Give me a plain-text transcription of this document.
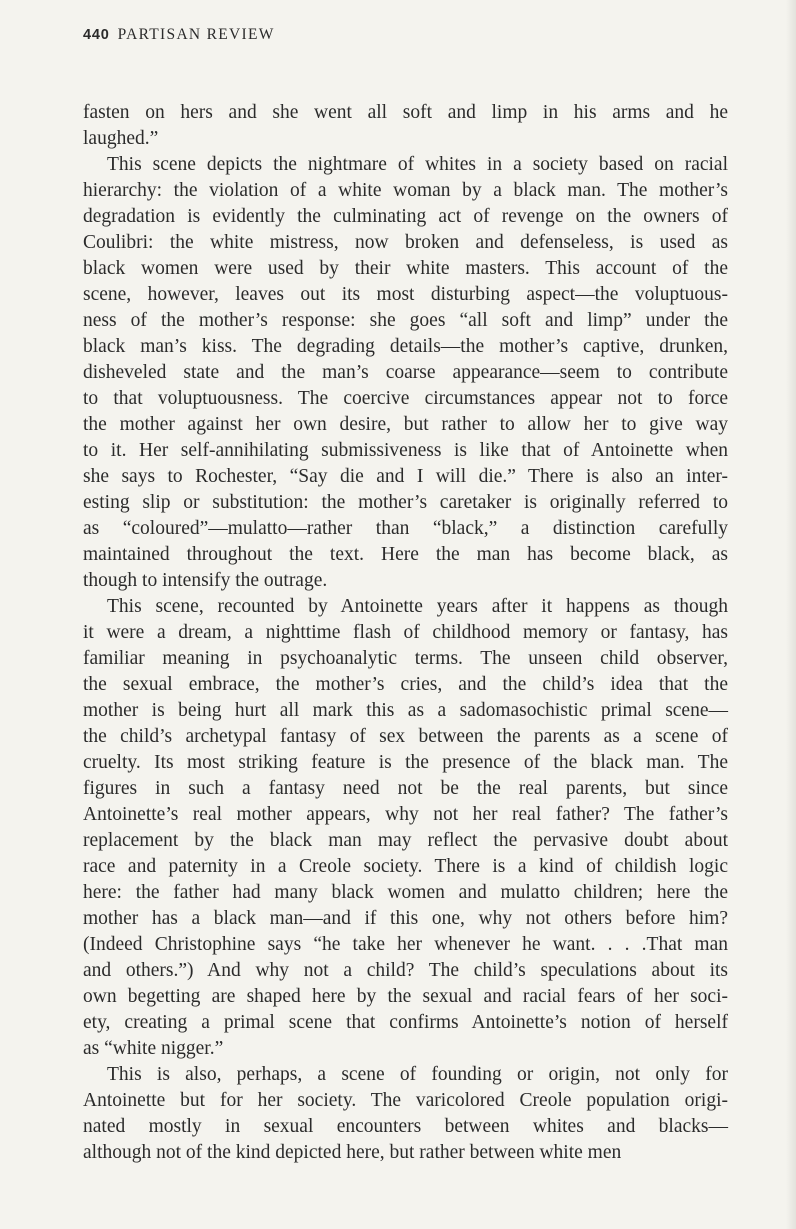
440 PARTISAN REVIEW
fasten on hers and she went all soft and limp in his arms and he
laughed.”
This scene depicts the nightmare of whites in a society based on racial
hierarchy: the violation of a white woman by a black man. The mother’s
degradation is evidently the culminating act of revenge on the owners of
Coulibri: the white mistress, now broken and defenseless, is used as
black women were used by their white masters. This account of the
scene, however, leaves out its most disturbing aspect—the voluptuous-
ness of the mother’s response: she goes “all soft and limp” under the
black man’s kiss. The degrading details—the mother’s captive, drunken,
disheveled state and the man’s coarse appearance—seem to contribute
to that voluptuousness. The coercive circumstances appear not to force
the mother against her own desire, but rather to allow her to give way
to it. Her self-annihilating submissiveness is like that of Antoinette when
she says to Rochester, “Say die and I will die.” There is also an inter-
esting slip or substitution: the mother’s caretaker is originally referred to
as “coloured”—mulatto—rather than “black,” a distinction carefully
maintained throughout the text. Here the man has become black, as
though to intensify the outrage.
This scene, recounted by Antoinette years after it happens as though
it were a dream, a nighttime flash of childhood memory or fantasy, has
familiar meaning in psychoanalytic terms. The unseen child observer,
the sexual embrace, the mother’s cries, and the child’s idea that the
mother is being hurt all mark this as a sadomasochistic primal scene—
the child’s archetypal fantasy of sex between the parents as a scene of
cruelty. Its most striking feature is the presence of the black man. The
figures in such a fantasy need not be the real parents, but since
Antoinette’s real mother appears, why not her real father? The father’s
replacement by the black man may reflect the pervasive doubt about
race and paternity in a Creole society. There is a kind of childish logic
here: the father had many black women and mulatto children; here the
mother has a black man—and if this one, why not others before him?
(Indeed Christophine says “he take her whenever he want. . . .That man
and others.”) And why not a child? The child’s speculations about its
own begetting are shaped here by the sexual and racial fears of her soci-
ety, creating a primal scene that confirms Antoinette’s notion of herself
as “white nigger.”
This is also, perhaps, a scene of founding or origin, not only for
Antoinette but for her society. The varicolored Creole population origi-
nated mostly in sexual encounters between whites and blacks—
although not of the kind depicted here, but rather between white men
